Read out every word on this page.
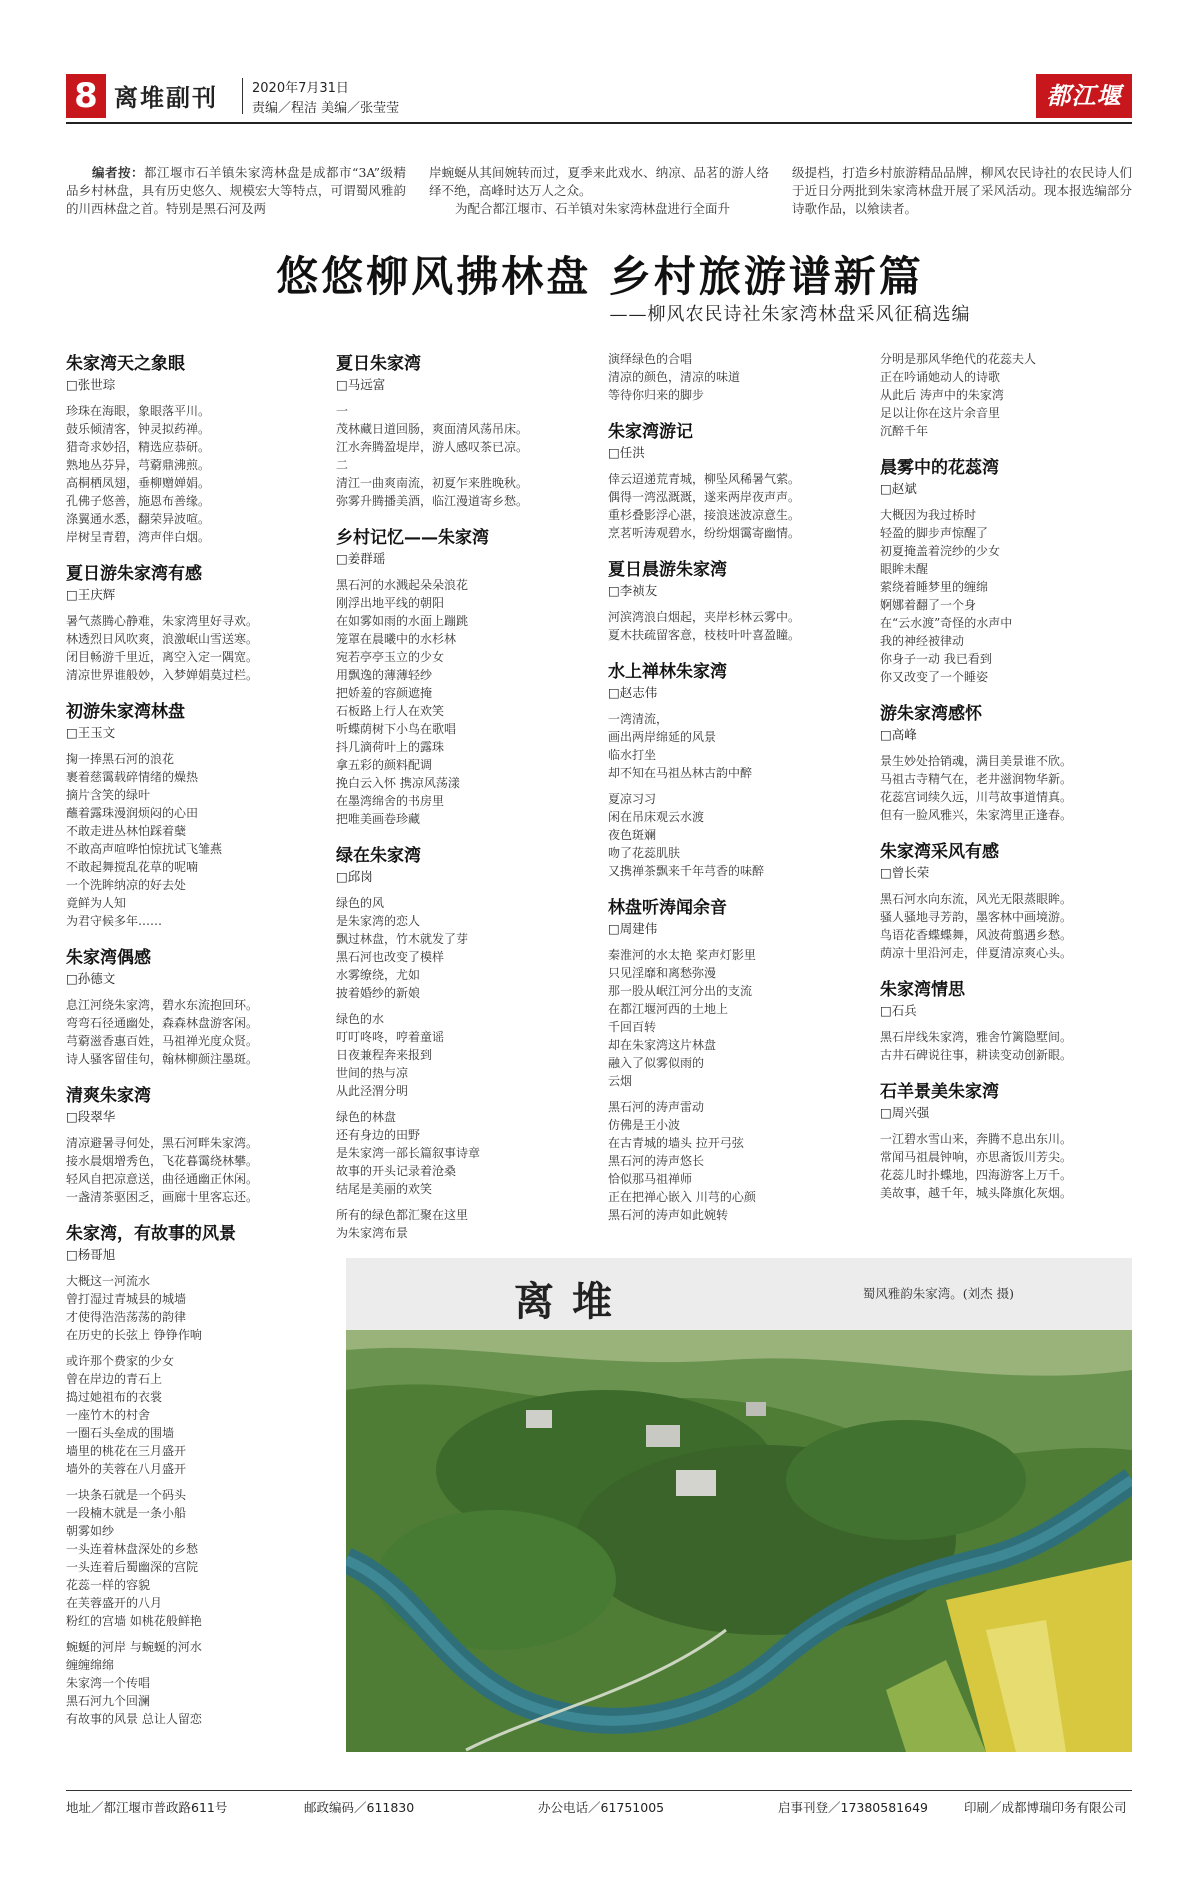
8 离堆副刊	2020年7月31日
责编／程洁 美编／张莹莹	都江堰報
编者按：都江堰市石羊镇朱家湾林盘是成都市“3A”级精品乡村林盘，具有历史悠久、规模宏大等特点，可谓蜀风雅韵的川西林盘之首。特别是黑石河及两
岸蜿蜒从其间婉转而过，夏季来此戏水、纳凉、品茗的游人络绎不绝，高峰时达万人之众。
为配合都江堰市、石羊镇对朱家湾林盘进行全面升
级提档，打造乡村旅游精品品牌，柳风农民诗社的农民诗人们于近日分两批到朱家湾林盘开展了采风活动。现本报选编部分诗歌作品，以飨读者。
悠悠柳风拂林盘 乡村旅游谱新篇
——柳风农民诗社朱家湾林盘采风征稿选编
朱家湾天之象眼
□张世琮
珍珠在海眼，象眼落平川。
鼓乐倾清客，钟灵拟药禅。
猎奇求妙招，精选应恭研。
熟地丛芬异，芎藭鼎沸煎。
高桐栖凤翅，垂柳赠婵娟。
孔佛子悠善，施恩布善缘。
涤翼通水悉，翻荣异波喧。
岸树呈青碧，湾声伴白烟。
夏日游朱家湾有感
□王庆辉
暑气蒸腾心静难，朱家湾里好寻欢。
林透烈日风吹爽，浪激岷山雪送寒。
闭目畅游千里近，离空入定一隅宽。
清凉世界谁般妙，入梦婵娟莫过栏。
初游朱家湾林盘
□王玉文
掬一捧黑石河的浪花
裹着慈霭载碎情绪的燥热
摘片含笑的绿叶
蘸着露珠漫润烦闷的心田
不敢走进丛林怕踩着蘖
不敢高声喧哗怕惊扰试飞雏燕
不敢起舞搅乱花草的呢喃
一个洗眸纳凉的好去处
竟鲜为人知
为君守候多年……
朱家湾偶感
□孙德文
息江河绕朱家湾，碧水东流抱回环。
弯弯石径通幽处，森森林盘游客闲。
芎藭滋香惠百姓，马祖禅光度众贤。
诗人骚客留佳句，翰林柳颜注墨斑。
清爽朱家湾
□段翠华
清凉避暑寻何处，黑石河畔朱家湾。
接水晨烟增秀色，飞花暮霭绕林攀。
轻风自把凉意送，曲径通幽正休闲。
一盏清茶驱困乏，画廊十里客忘还。
朱家湾，有故事的风景
□杨哥旭
大概这一河流水
曾打湿过青城县的城墙
才使得浩浩荡荡的韵律
在历史的长弦上 铮铮作响
或许那个费家的少女
曾在岸边的青石上
捣过她祖布的衣裳
一座竹木的村舍
一圈石头垒成的围墙
墙里的桃花在三月盛开
墙外的芙蓉在八月盛开
一块条石就是一个码头
一段楠木就是一条小船
朝雾如纱
一头连着林盘深处的乡愁
一头连着后蜀幽深的宫院
花蕊一样的容貌
在芙蓉盛开的八月
粉红的宫墙 如桃花般鲜艳
蜿蜒的河岸 与蜿蜒的河水
缠缠绵绵
朱家湾一个传唱
黑石河九个回澜
有故事的风景 总让人留恋
夏日朱家湾
□马远富
一
茂林藏日道回肠，爽面清风荡吊床。
江水奔腾盈堤岸，游人感叹茶已凉。
二
清江一曲爽南流，初夏乍来胜晚秋。
弥雾升腾播美酒，临江漫道寄乡愁。
乡村记忆——朱家湾
□姜群瑶
黑石河的水溅起朵朵浪花
刚浮出地平线的朝阳
在如雾如雨的水面上蹦跳
笼罩在晨曦中的水杉林
宛若亭亭玉立的少女
用飘逸的薄薄轻纱
把娇羞的容颜遮掩
石板路上行人在欢笑
听蝶荫树下小鸟在歌唱
抖几滴荷叶上的露珠
拿五彩的颜料配调
挽白云入怀 携凉风荡漾
在墨湾绵舍的书房里
把唯美画卷珍藏
绿在朱家湾
□邱岗
绿色的风
是朱家湾的恋人
飘过林盘，竹木就发了芽
黑石河也改变了模样
水雾缭绕，尤如
披着婚纱的新娘
绿色的水
叮叮咚咚，哼着童谣
日夜兼程奔来报到
世间的热与凉
从此泾渭分明
绿色的林盘
还有身边的田野
是朱家湾一部长篇叙事诗章
故事的开头记录着沧桑
结尾是美丽的欢笑
所有的绿色都汇聚在这里
为朱家湾布景
演绎绿色的合唱
清凉的颜色，清凉的味道
等待你归来的脚步
朱家湾游记
□任洪
倖云迢递荒青城，柳坠风稀暑气萦。
偶得一湾泓溉溉，遂来两岸夜声声。
重杉叠影浮心湛，接浪迷波凉意生。
烹茗听涛观碧水，纷纷烟霭寄幽情。
夏日晨游朱家湾
□李祯友
河滨湾浪白烟起，夹岸杉林云雾中。
夏木扶疏留客意，枝枝叶叶喜盈瞳。
水上禅林朱家湾
□赵志伟
一湾清流，
画出两岸绵延的风景
临水打坐
却不知在马祖丛林古韵中醉
夏凉习习
闲在吊床观云水渡
夜色斑斓
吻了花蕊肌肤
又携禅茶飘来千年芎香的味醉
林盘听涛闻余音
□周建伟
秦淮河的水太艳 桨声灯影里
只见淫靡和离愁弥漫
那一股从岷江河分出的支流
在都江堰河西的土地上
千回百转
却在朱家湾这片林盘
融入了似雾似雨的
云烟
黑石河的涛声雷动
仿佛是王小波
在古青城的墙头 拉开弓弦
黑石河的涛声悠长
恰似那马祖禅师
正在把禅心嵌入 川芎的心颜
黑石河的涛声如此婉转
分明是那风华绝代的花蕊夫人
正在吟诵她动人的诗歌
从此后 涛声中的朱家湾
足以让你在这片余音里
沉醉千年
晨雾中的花蕊湾
□赵斌
大概因为我过桥时
轻盈的脚步声惊醒了
初夏掩盖着浣纱的少女
眼眸未醒
萦绕着睡梦里的缠绵
婀娜着翻了一个身
在“云水渡”奇怪的水声中
我的神经被律动
你身子一动 我已看到
你又改变了一个睡姿
游朱家湾感怀
□高峰
景生妙处拾销魂，满目美景谁不欣。
马祖古寺精气在，老井滋润物华新。
花蕊宫词续久远，川芎故事道情真。
但有一脸风雅兴，朱家湾里正逢春。
朱家湾采风有感
□曾长荣
黑石河水向东流，风光无限蒸眼眸。
骚人骚地寻芳韵，墨客林中画境游。
鸟语花香蝶蝶舞，风波荷翦遇乡愁。
荫凉十里沿河走，伴夏清凉爽心头。
朱家湾情思
□石兵
黑石岸线朱家湾，雅舍竹篱隐墅间。
古井石碑说往事，耕读变动创新眼。
石羊景美朱家湾
□周兴强
一江碧水雪山来，奔腾不息出东川。
常闻马祖晨钟响，亦思斋饭川芳尖。
花蕊儿时扑蝶地，四海游客上万千。
美故事，越千年，城头降旗化灰烟。
离堆	蜀风雅韵朱家湾。(刘杰 摄)
地址／都江堰市普政路611号	邮政编码／611830	办公电话／61751005	启事刊登／17380581649	印刷／成都博瑞印务有限公司
